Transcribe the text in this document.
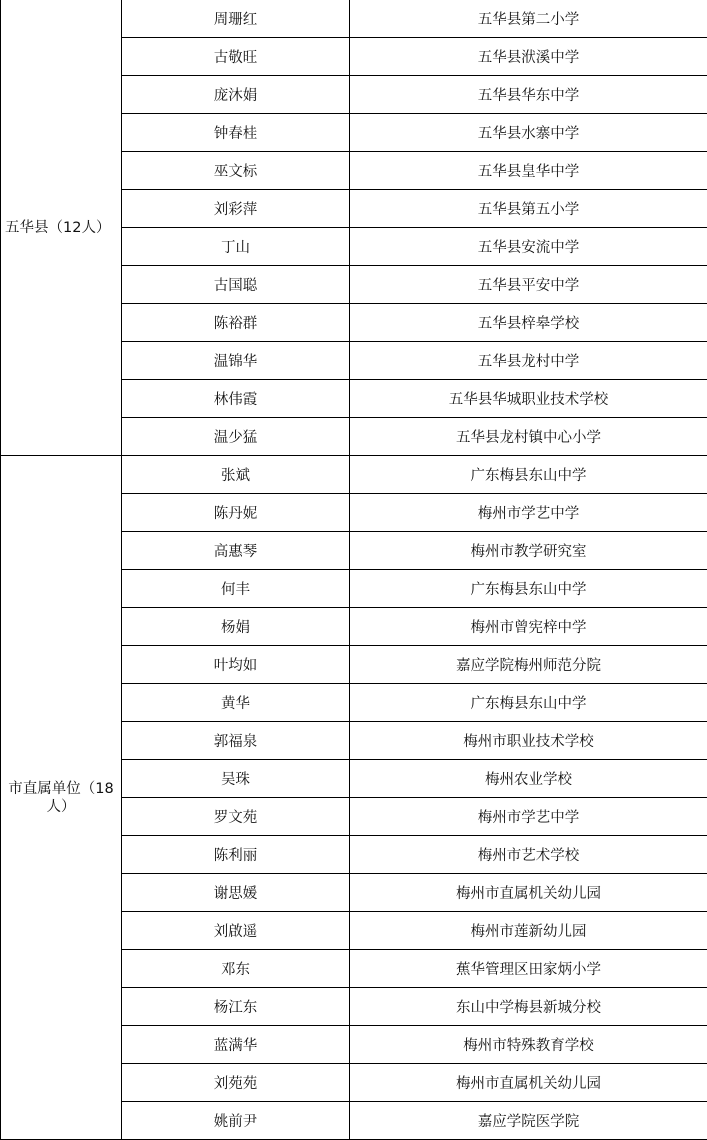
五华县（12人）	周珊红	五华县第二小学
	古敬旺	五华县洑溪中学
	庞沐娟	五华县华东中学
	钟春桂	五华县水寨中学
	巫文标	五华县皇华中学
	刘彩萍	五华县第五小学
	丁山	五华县安流中学
	古国聪	五华县平安中学
	陈裕群	五华县梓皋学校
	温锦华	五华县龙村中学
	林伟霞	五华县华城职业技术学校
	温少猛	五华县龙村镇中心小学
市直属单位（18人）	张斌	广东梅县东山中学
	陈丹妮	梅州市学艺中学
	高惠琴	梅州市教学研究室
	何丰	广东梅县东山中学
	杨娟	梅州市曾宪梓中学
	叶均如	嘉应学院梅州师范分院
	黄华	广东梅县东山中学
	郭福泉	梅州市职业技术学校
	吴珠	梅州农业学校
	罗文苑	梅州市学艺中学
	陈利丽	梅州市艺术学校
	谢思媛	梅州市直属机关幼儿园
	刘啟遥	梅州市莲新幼儿园
	邓东	蕉华管理区田家炳小学
	杨江东	东山中学梅县新城分校
	蓝满华	梅州市特殊教育学校
	刘苑苑	梅州市直属机关幼儿园
	姚前尹	嘉应学院医学院
